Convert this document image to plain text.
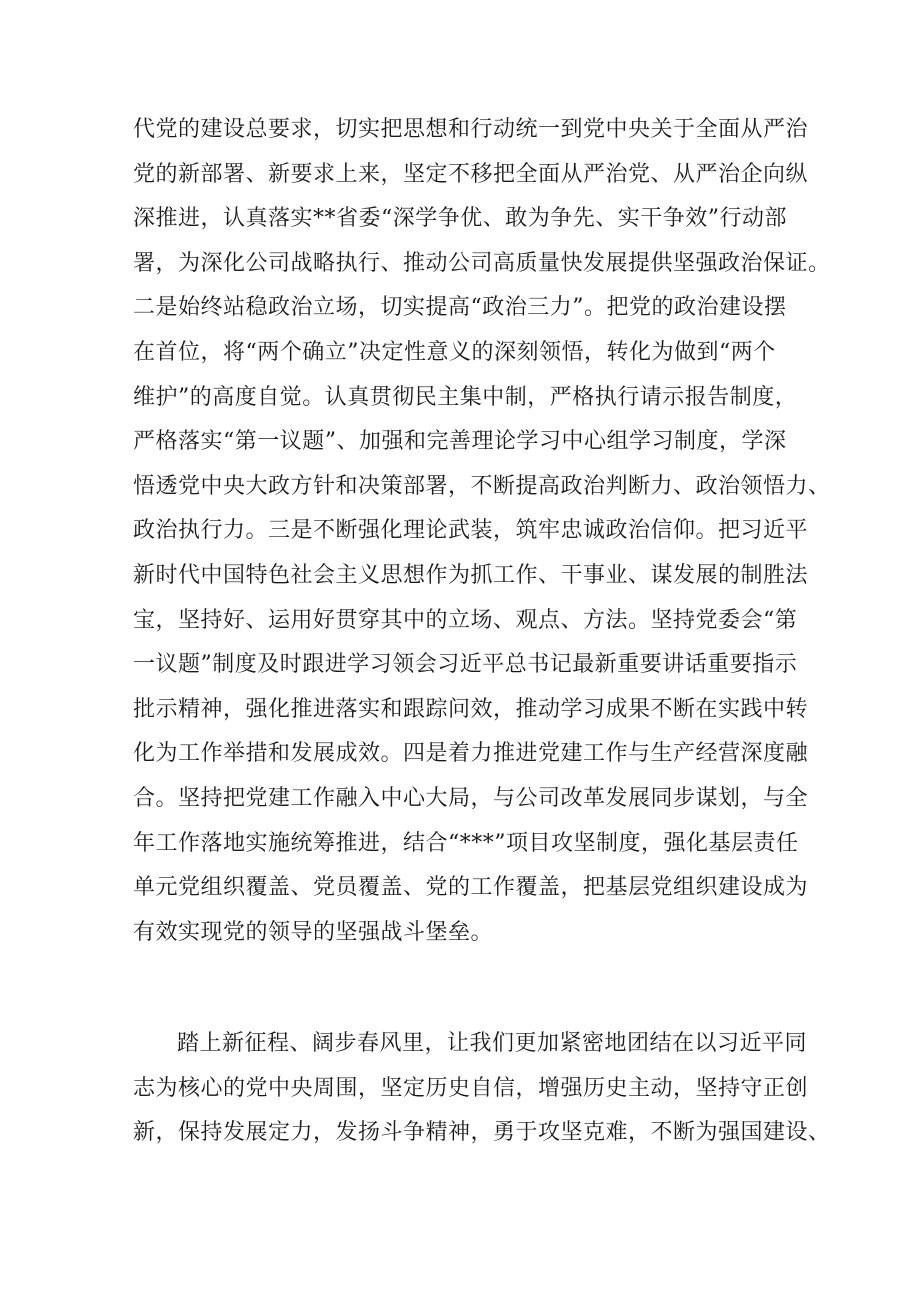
代党的建设总要求，切实把思想和行动统一到党中央关于全面从严治
党的新部署、新要求上来，坚定不移把全面从严治党、从严治企向纵
深推进，认真落实**省委“深学争优、敢为争先、实干争效”行动部
署，为深化公司战略执行、推动公司高质量快发展提供坚强政治保证。
二是始终站稳政治立场，切实提高“政治三力”。把党的政治建设摆
在首位，将“两个确立”决定性意义的深刻领悟，转化为做到“两个
维护”的高度自觉。认真贯彻民主集中制，严格执行请示报告制度，
严格落实“第一议题”、加强和完善理论学习中心组学习制度，学深
悟透党中央大政方针和决策部署，不断提高政治判断力、政治领悟力、
政治执行力。三是不断强化理论武装，筑牢忠诚政治信仰。把习近平
新时代中国特色社会主义思想作为抓工作、干事业、谋发展的制胜法
宝，坚持好、运用好贯穿其中的立场、观点、方法。坚持党委会“第
一议题”制度及时跟进学习领会习近平总书记最新重要讲话重要指示
批示精神，强化推进落实和跟踪问效，推动学习成果不断在实践中转
化为工作举措和发展成效。四是着力推进党建工作与生产经营深度融
合。坚持把党建工作融入中心大局，与公司改革发展同步谋划，与全
年工作落地实施统筹推进，结合“***”项目攻坚制度，强化基层责任
单元党组织覆盖、党员覆盖、党的工作覆盖，把基层党组织建设成为
有效实现党的领导的坚强战斗堡垒。
踏上新征程、阔步春风里，让我们更加紧密地团结在以习近平同
志为核心的党中央周围，坚定历史自信，增强历史主动，坚持守正创
新，保持发展定力，发扬斗争精神，勇于攻坚克难，不断为强国建设、
